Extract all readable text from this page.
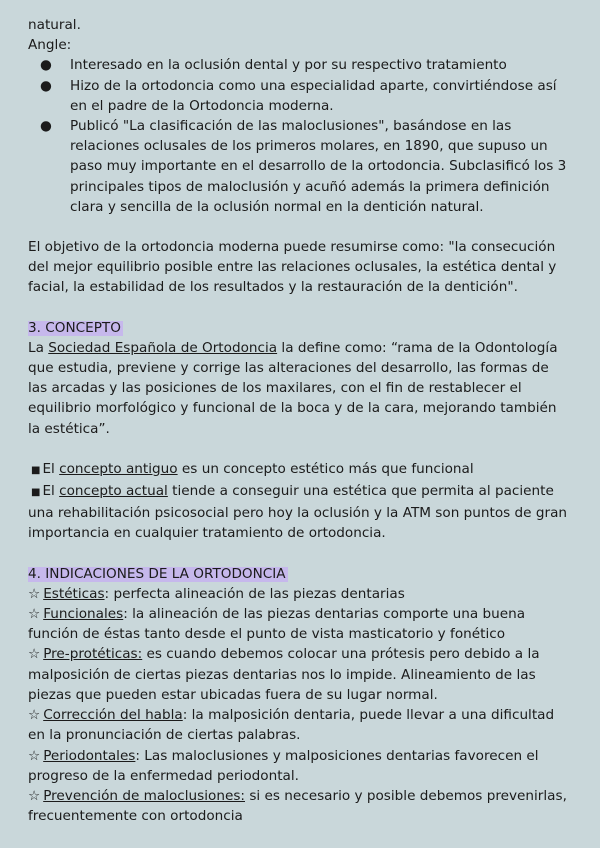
natural.

Angle:

● Interesado en la oclusión dental y por su respectivo tratamiento
● Hizo de la ortodoncia como una especialidad aparte, convirtiéndose así en el padre de la Ortodoncia moderna.
● Publicó "La clasificación de las maloclusiones", basándose en las relaciones oclusales de los primeros molares, en 1890, que supuso un paso muy importante en el desarrollo de la ortodoncia. Subclasificó los 3 principales tipos de maloclusión y acuñó además la primera definición clara y sencilla de la oclusión normal en la dentición natural.

El objetivo de la ortodoncia moderna puede resumirse como: "la consecución del mejor equilibrio posible entre las relaciones oclusales, la estética dental y facial, la estabilidad de los resultados y la restauración de la dentición".

3. CONCEPTO

La Sociedad Española de Ortodoncia la define como: “rama de la Odontología que estudia, previene y corrige las alteraciones del desarrollo, las formas de las arcadas y las posiciones de los maxilares, con el fin de restablecer el equilibrio morfológico y funcional de la boca y de la cara, mejorando también la estética”.

■ El concepto antiguo es un concepto estético más que funcional

■ El concepto actual tiende a conseguir una estética que permita al paciente una rehabilitación psicosocial pero hoy la oclusión y la ATM son puntos de gran importancia en cualquier tratamiento de ortodoncia.

4. INDICACIONES DE LA ORTODONCIA

☆ Estéticas: perfecta alineación de las piezas dentarias

☆ Funcionales: la alineación de las piezas dentarias comporte una buena función de éstas tanto desde el punto de vista masticatorio y fonético

☆ Pre-protéticas: es cuando debemos colocar una prótesis pero debido a la malposición de ciertas piezas dentarias nos lo impide. Alineamiento de las piezas que pueden estar ubicadas fuera de su lugar normal.

☆ Corrección del habla: la malposición dentaria, puede llevar a una dificultad en la pronunciación de ciertas palabras.

☆ Periodontales: Las maloclusiones y malposiciones dentarias favorecen el progreso de la enfermedad periodontal.

☆ Prevención de maloclusiones: si es necesario y posible debemos prevenirlas, frecuentemente con ortodoncia
